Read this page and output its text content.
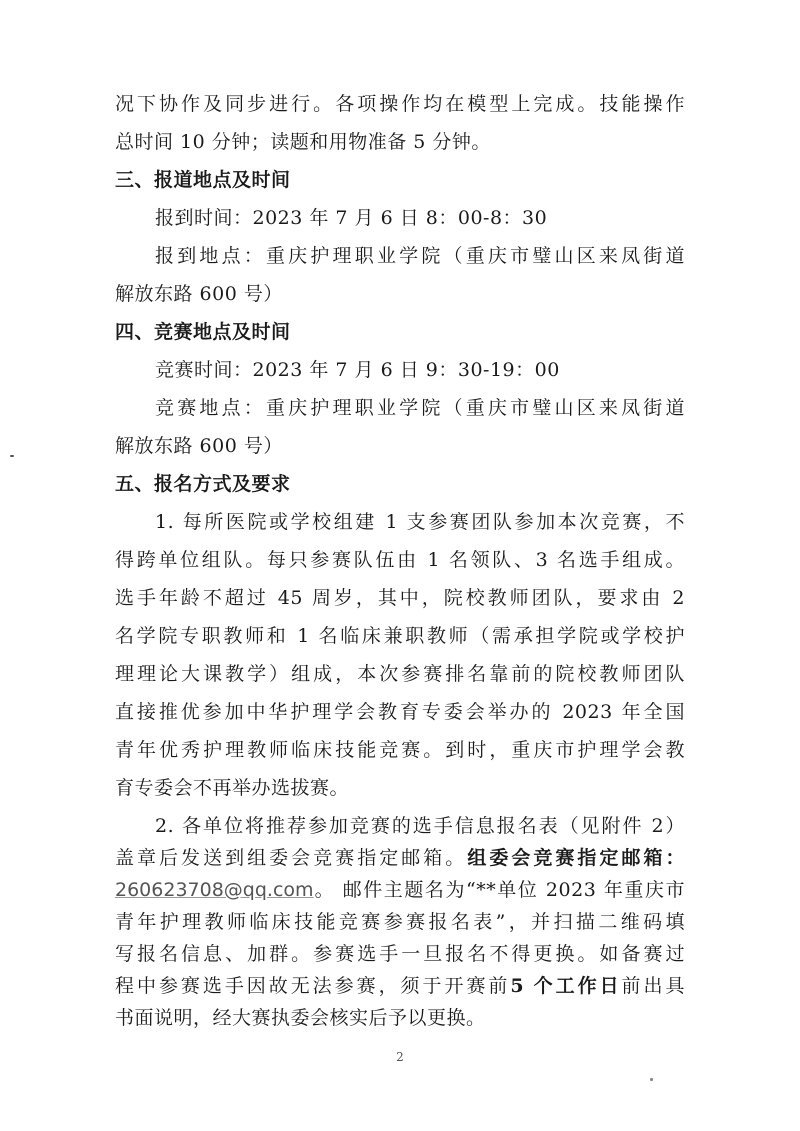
况下协作及同步进行。各项操作均在模型上完成。技能操作
总时间 10 分钟；读题和用物准备 5 分钟。
三、报道地点及时间
报到时间：2023 年 7 月 6 日 8：00-8：30
报到地点：重庆护理职业学院（重庆市璧山区来凤街道
解放东路 600 号）
四、竞赛地点及时间
竞赛时间：2023 年 7 月 6 日 9：30-19：00
竞赛地点：重庆护理职业学院（重庆市璧山区来凤街道
解放东路 600 号）
五、报名方式及要求
1. 每所医院或学校组建 1 支参赛团队参加本次竞赛，不
得跨单位组队。每只参赛队伍由 1 名领队、3 名选手组成。
选手年龄不超过 45 周岁，其中，院校教师团队，要求由 2
名学院专职教师和 1 名临床兼职教师（需承担学院或学校护
理理论大课教学）组成，本次参赛排名靠前的院校教师团队
直接推优参加中华护理学会教育专委会举办的 2023 年全国
青年优秀护理教师临床技能竞赛。到时，重庆市护理学会教
育专委会不再举办选拔赛。
2. 各单位将推荐参加竞赛的选手信息报名表（见附件 2）
盖章后发送到组委会竞赛指定邮箱。组委会竞赛指定邮箱：
260623708@qq.com。 邮件主题名为“**单位 2023 年重庆市
青年护理教师临床技能竞赛参赛报名表”，并扫描二维码填
写报名信息、加群。参赛选手一旦报名不得更换。如备赛过
程中参赛选手因故无法参赛，须于开赛前5 个工作日前出具
书面说明，经大赛执委会核实后予以更换。
2
